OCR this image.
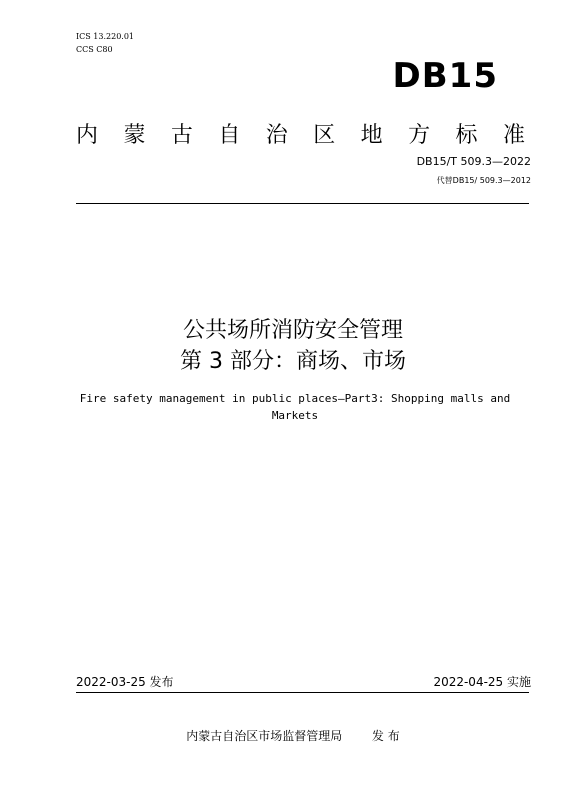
ICS 13.220.01
CCS C80
DB15
内 蒙 古 自 治 区 地 方 标 准
DB15/T 509.3—2022
代替DB15/ 509.3—2012
公共场所消防安全管理
第 3 部分：商场、市场
Fire safety management in public places—Part3: Shopping malls and Markets
2022-03-25 发布	2022-04-25 实施
内蒙古自治区市场监督管理局 发 布
